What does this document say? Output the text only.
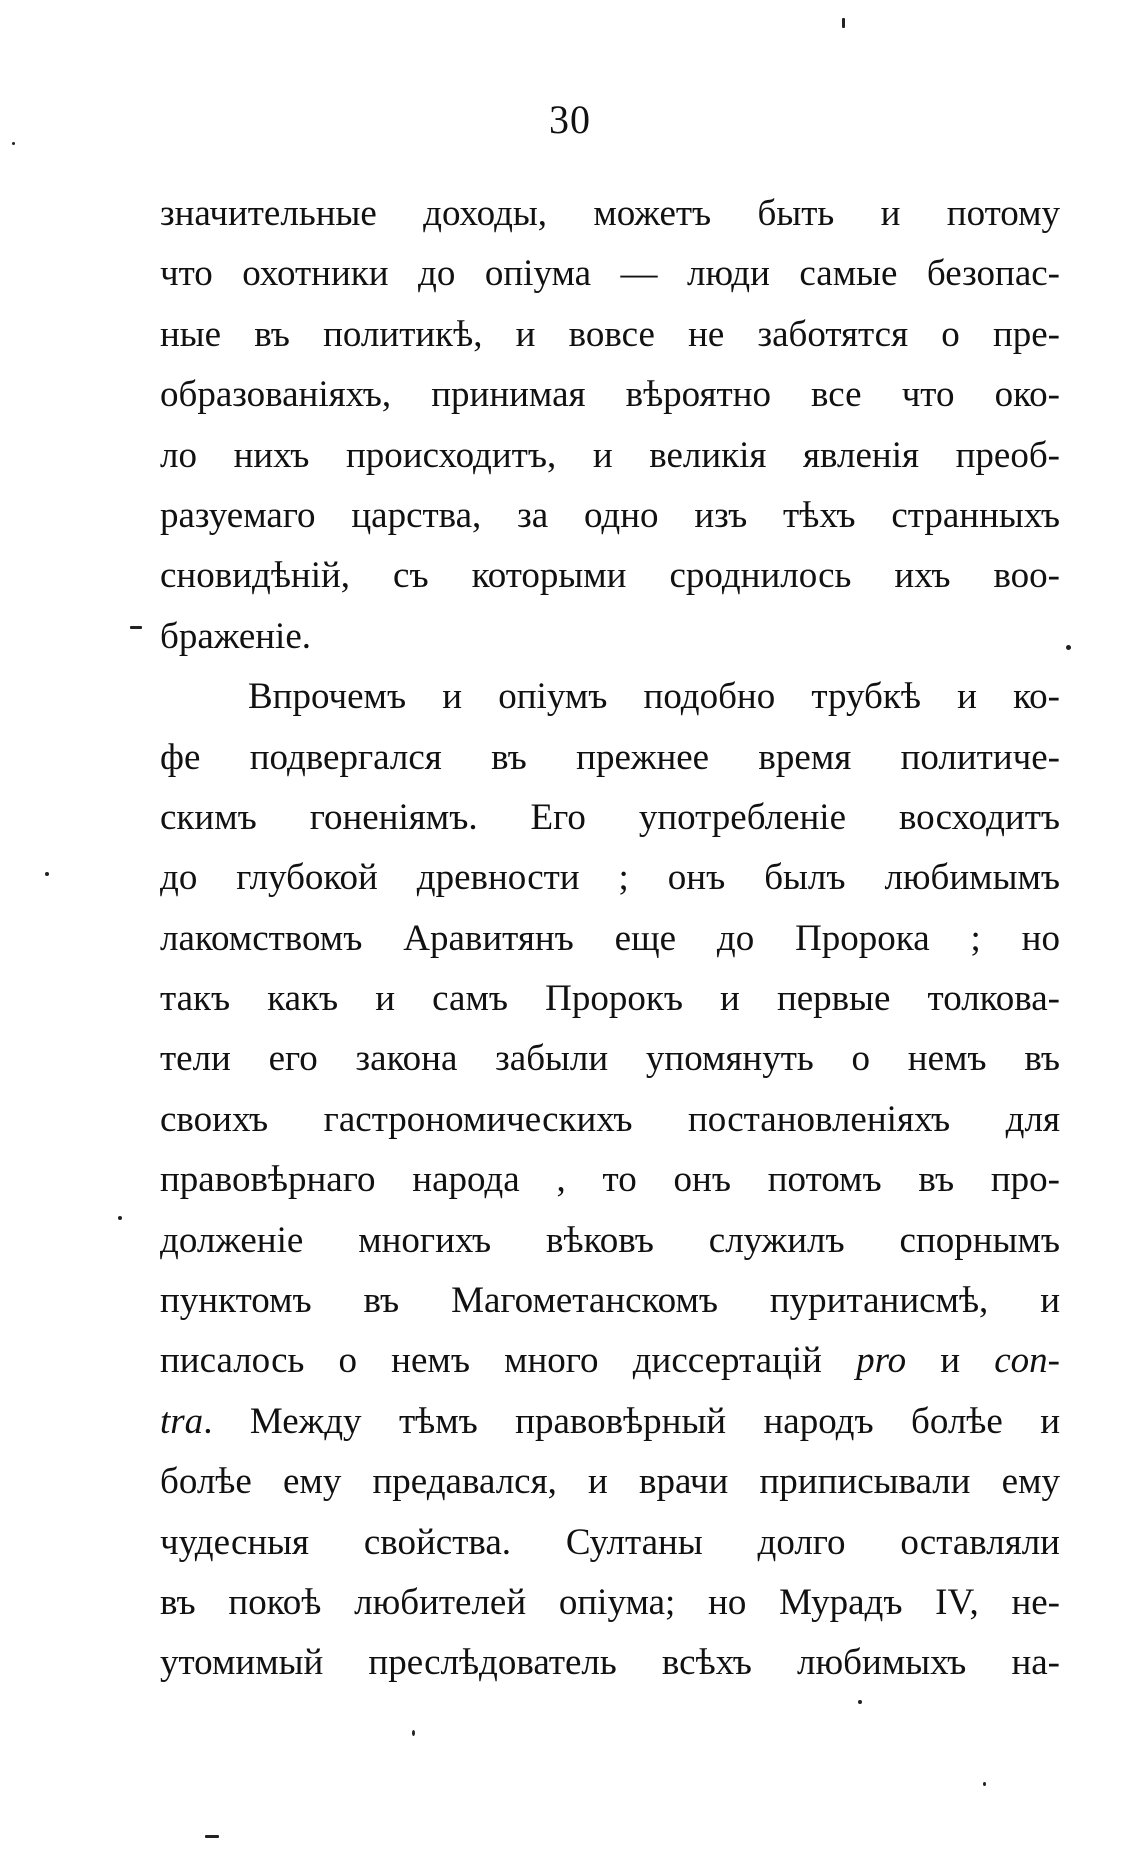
30
значительные доходы, можетъ быть и потому
что охотники до опіума — люди самые безопас-
ные въ политикѣ, и вовсе не заботятся о пре-
образованіяхъ, принимая вѣроятно все что око-
ло нихъ происходитъ, и великія явленія преоб-
разуемаго царства, за одно изъ тѣхъ странныхъ
сновидѣній, съ которыми сроднилось ихъ воо-
браженіе.
Впрочемъ и опіумъ подобно трубкѣ и ко-
фе подвергался въ прежнее время политиче-
скимъ гоненіямъ. Его употребленіе восходитъ
до глубокой древности ; онъ былъ любимымъ
лакомствомъ Аравитянъ еще до Пророка ; но
такъ какъ и самъ Пророкъ и первые толкова-
тели его закона забыли упомянуть о немъ въ
своихъ гастрономическихъ постановленіяхъ для
правовѣрнаго народа , то онъ потомъ въ про-
долженіе многихъ вѣковъ служилъ спорнымъ
пунктомъ въ Магометанскомъ пуританисмѣ, и
писалось о немъ много диссертацій pro и con-
tra. Между тѣмъ правовѣрный народъ болѣе и
болѣе ему предавался, и врачи приписывали ему
чудесныя свойства. Султаны долго оставляли
въ покоѣ любителей опіума; но Мурадъ IV, не-
утомимый преслѣдователь всѣхъ любимыхъ на-
